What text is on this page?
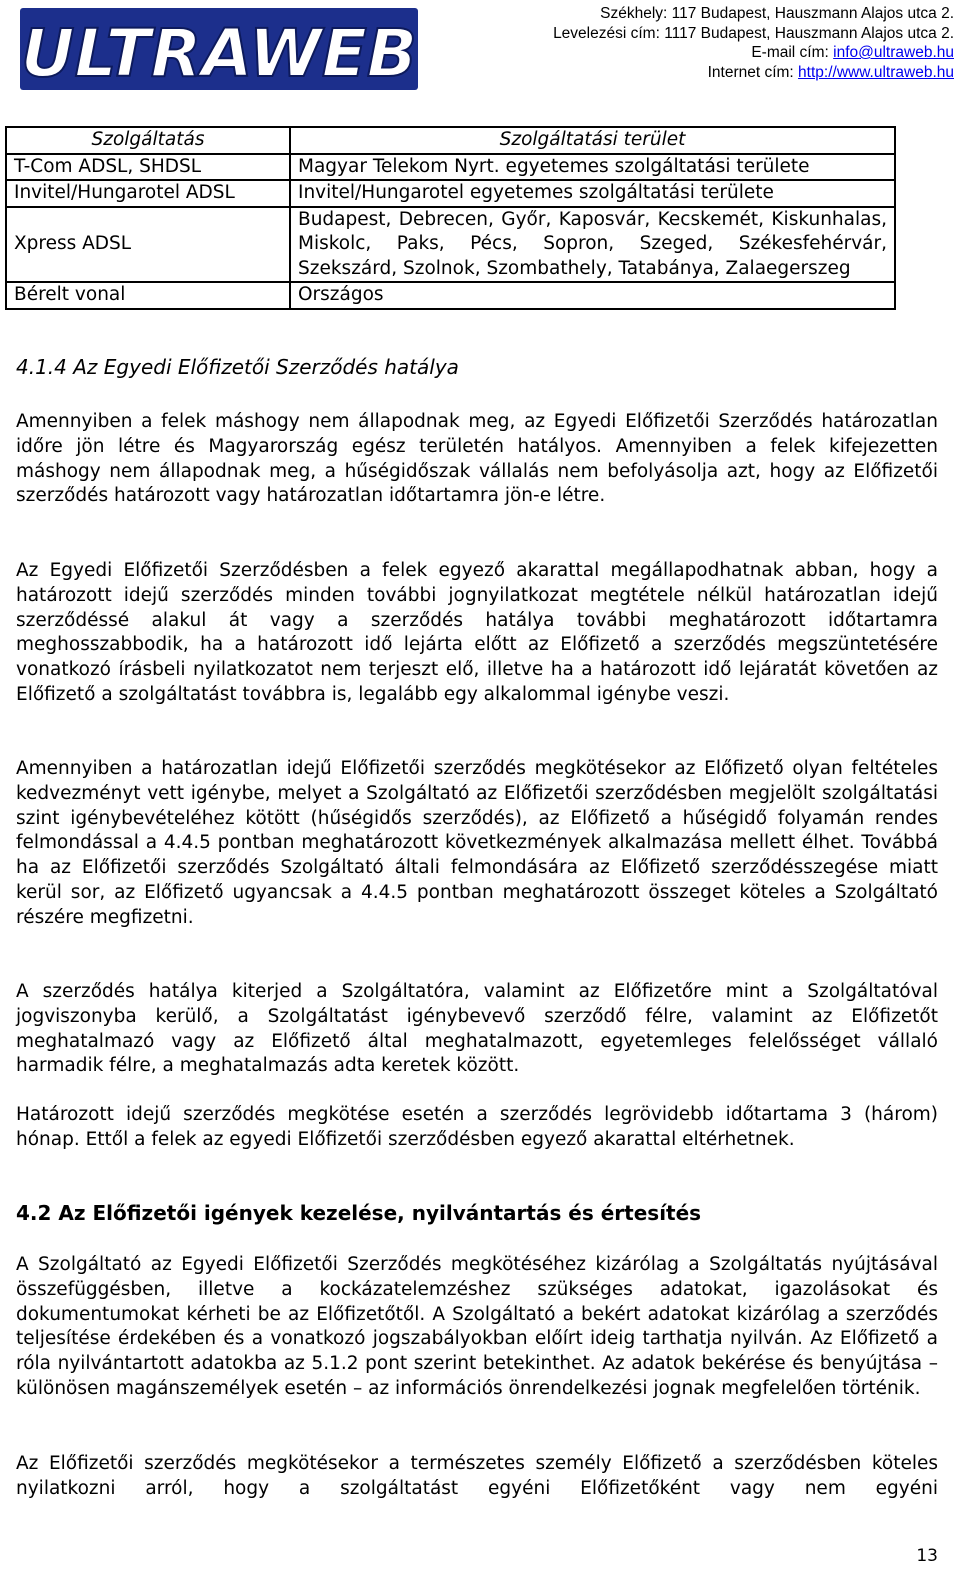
ULTRAWEB
Székhely: 117 Budapest, Hauszmann Alajos utca 2.
Levelezési cím: 1117 Budapest, Hauszmann Alajos utca 2.
E-mail cím: info@ultraweb.hu
Internet cím: http://www.ultraweb.hu
Szolgáltatás	Szolgáltatási terület
T-Com ADSL, SHDSL	Magyar Telekom Nyrt. egyetemes szolgáltatási területe
Invitel/Hungarotel ADSL	Invitel/Hungarotel egyetemes szolgáltatási területe
Xpress ADSL	Budapest, Debrecen, Győr, Kaposvár, Kecskemét, Kiskunhalas, Miskolc, Paks, Pécs, Sopron, Szeged, Székesfehérvár, Szekszárd, Szolnok, Szombathely, Tatabánya, Zalaegerszeg
Bérelt vonal	Országos
4.1.4 Az Egyedi Előfizetői Szerződés hatálya

Amennyiben a felek máshogy nem állapodnak meg, az Egyedi Előfizetői Szerződés határozatlan időre jön létre és Magyarország egész területén hatályos. Amennyiben a felek kifejezetten máshogy nem állapodnak meg, a hűségidőszak vállalás nem befolyásolja azt, hogy az Előfizetői szerződés határozott vagy határozatlan időtartamra jön-e létre.

Az Egyedi Előfizetői Szerződésben a felek egyező akarattal megállapodhatnak abban, hogy a határozott idejű szerződés minden további jognyilatkozat megtétele nélkül határozatlan idejű szerződéssé alakul át vagy a szerződés hatálya további meghatározott időtartamra meghosszabbodik, ha a határozott idő lejárta előtt az Előfizető a szerződés megszüntetésére vonatkozó írásbeli nyilatkozatot nem terjeszt elő, illetve ha a határozott idő lejáratát követően az Előfizető a szolgáltatást továbbra is, legalább egy alkalommal igénybe veszi.

Amennyiben a határozatlan idejű Előfizetői szerződés megkötésekor az Előfizető olyan feltételes kedvezményt vett igénybe, melyet a Szolgáltató az Előfizetői szerződésben megjelölt szolgáltatási szint igénybevételéhez kötött (hűségidős szerződés), az Előfizető a hűségidő folyamán rendes felmondással a 4.4.5 pontban meghatározott következmények alkalmazása mellett élhet. Továbbá ha az Előfizetői szerződés Szolgáltató általi felmondására az Előfizető szerződésszegése miatt kerül sor, az Előfizető ugyancsak a 4.4.5 pontban meghatározott összeget köteles a Szolgáltató részére megfizetni.

A szerződés hatálya kiterjed a Szolgáltatóra, valamint az Előfizetőre mint a Szolgáltatóval jogviszonyba kerülő, a Szolgáltatást igénybevevő szerződő félre, valamint az Előfizetőt meghatalmazó vagy az Előfizető által meghatalmazott, egyetemleges felelősséget vállaló harmadik félre, a meghatalmazás adta keretek között.

Határozott idejű szerződés megkötése esetén a szerződés legrövidebb időtartama 3 (három) hónap. Ettől a felek az egyedi Előfizetői szerződésben egyező akarattal eltérhetnek.

4.2 Az Előfizetői igények kezelése, nyilvántartás és értesítés

A Szolgáltató az Egyedi Előfizetői Szerződés megkötéséhez kizárólag a Szolgáltatás nyújtásával összefüggésben, illetve a kockázatelemzéshez szükséges adatokat, igazolásokat és dokumentumokat kérheti be az Előfizetőtől. A Szolgáltató a bekért adatokat kizárólag a szerződés teljesítése érdekében és a vonatkozó jogszabályokban előírt ideig tarthatja nyilván. Az Előfizető a róla nyilvántartott adatokba az 5.1.2 pont szerint betekinthet. Az adatok bekérése és benyújtása – különösen magánszemélyek esetén – az információs önrendelkezési jognak megfelelően történik.

Az Előfizetői szerződés megkötésekor a természetes személy Előfizető a szerződésben köteles nyilatkozni arról, hogy a szolgáltatást egyéni Előfizetőként vagy nem egyéni

13
